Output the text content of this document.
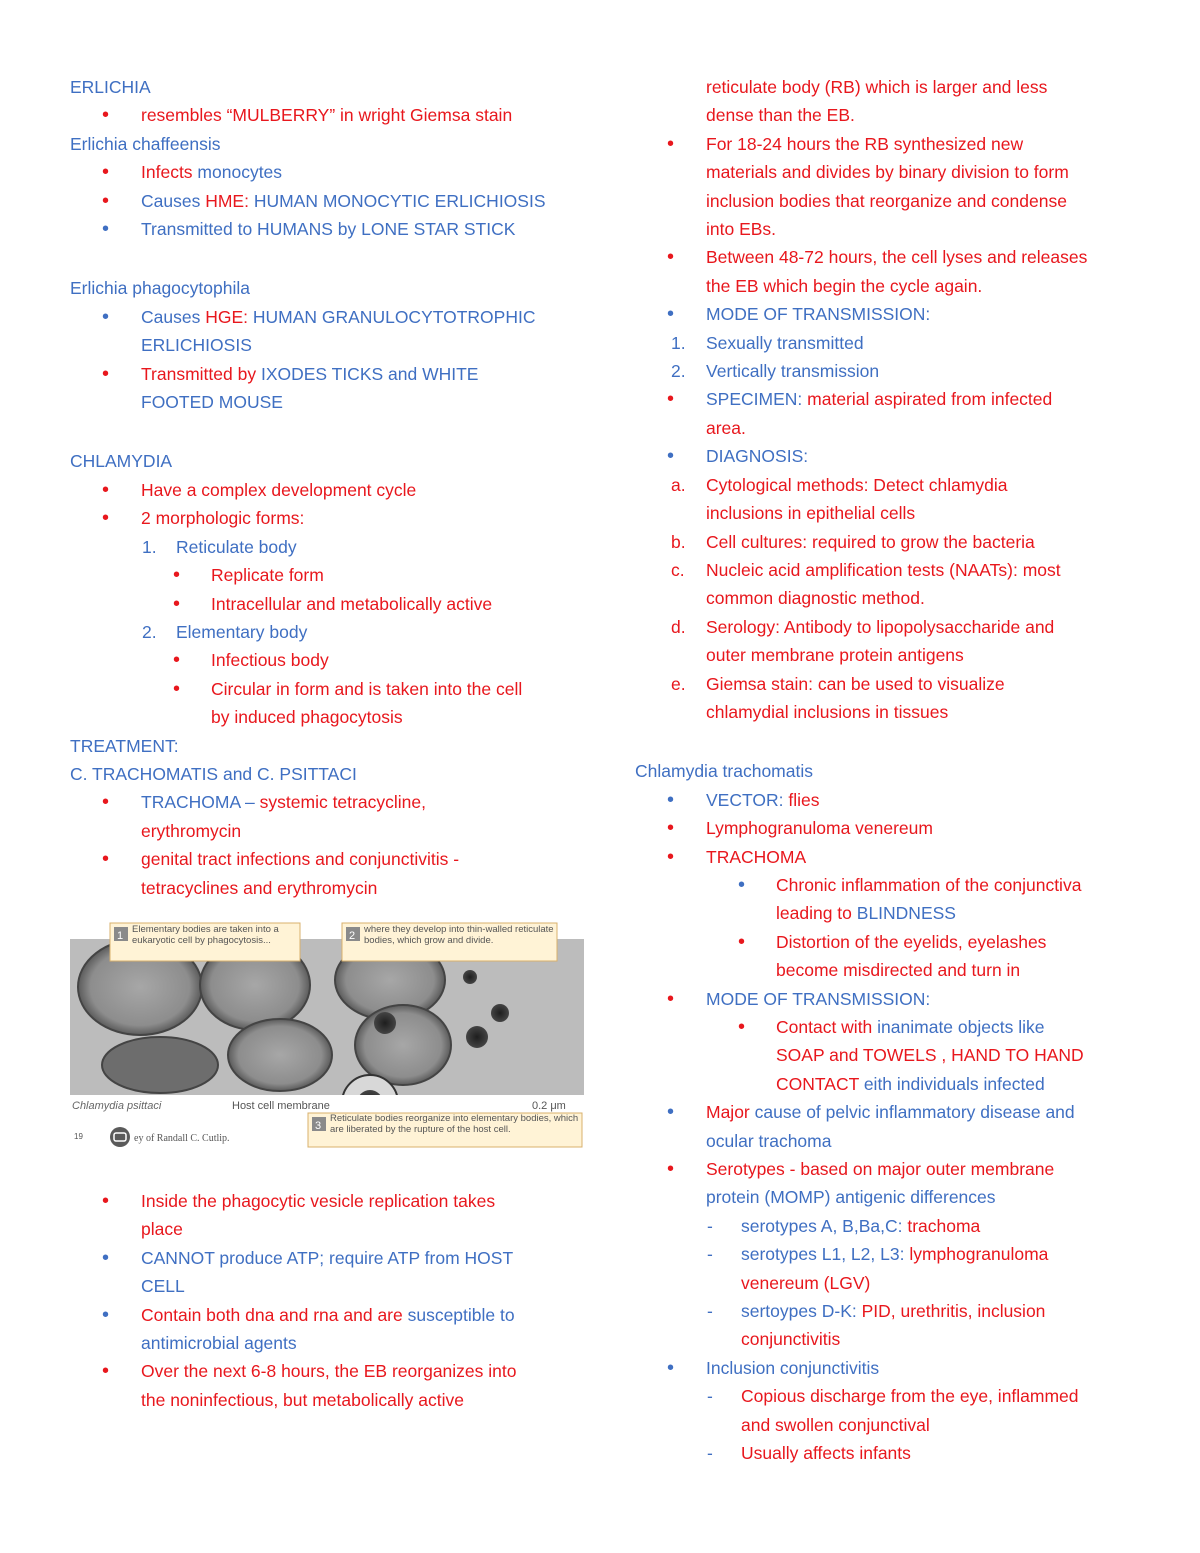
ERLICHIA
• resembles “MULBERRY” in wright Giemsa stain
Erlichia chaffeensis
• Infects monocytes
• Causes HME: HUMAN MONOCYTIC ERLICHIOSIS
• Transmitted to HUMANS by LONE STAR STICK
Erlichia phagocytophila
• Causes HGE: HUMAN GRANULOCYTOTROPHIC
ERLICHIOSIS
• Transmitted by IXODES TICKS and WHITE
FOOTED MOUSE
CHLAMYDIA
• Have a complex development cycle
• 2 morphologic forms:
1. Reticulate body
• Replicate form
• Intracellular and metabolically active
2. Elementary body
• Infectious body
• Circular in form and is taken into the cell
by induced phagocytosis
TREATMENT:
C. TRACHOMATIS and C. PSITTACI
• TRACHOMA – systemic tetracycline,
erythromycin
• genital tract infections and conjunctivitis -
tetracyclines and erythromycin
1
Elementary bodies are taken into a eukaryotic cell by phagocytosis...	2
where they develop into thin-walled reticulate bodies, which grow and divide.
Chlamydia psittaci	Host cell membrane	0.2 μm
19	ey of Randall C. Cutlip.
3
Reticulate bodies reorganize into elementary bodies, which are liberated by the rupture of the host cell.
• Inside the phagocytic vesicle replication takes
place
• CANNOT produce ATP; require ATP from HOST
CELL
• Contain both dna and rna and are susceptible to
antimicrobial agents
• Over the next 6-8 hours, the EB reorganizes into
the noninfectious, but metabolically active
reticulate body (RB) which is larger and less
dense than the EB.
• For 18-24 hours the RB synthesized new
materials and divides by binary division to form
inclusion bodies that reorganize and condense
into EBs.
• Between 48-72 hours, the cell lyses and releases
the EB which begin the cycle again.
• MODE OF TRANSMISSION:
1. Sexually transmitted
2. Vertically transmission
• SPECIMEN: material aspirated from infected
area.
• DIAGNOSIS:
a. Cytological methods: Detect chlamydia
inclusions in epithelial cells
b. Cell cultures: required to grow the bacteria
c. Nucleic acid amplification tests (NAATs): most
common diagnostic method.
d. Serology: Antibody to lipopolysaccharide and
outer membrane protein antigens
e. Giemsa stain: can be used to visualize
chlamydial inclusions in tissues
Chlamydia trachomatis
• VECTOR: flies
• Lymphogranuloma venereum
• TRACHOMA
• Chronic inflammation of the conjunctiva
leading to BLINDNESS
• Distortion of the eyelids, eyelashes
become misdirected and turn in
• MODE OF TRANSMISSION:
• Contact with inanimate objects like
SOAP and TOWELS , HAND TO HAND
CONTACT eith individuals infected
• Major cause of pelvic inflammatory disease and
ocular trachoma
• Serotypes - based on major outer membrane
protein (MOMP) antigenic differences
- serotypes A, B,Ba,C: trachoma
- serotypes L1, L2, L3: lymphogranuloma
venereum (LGV)
- sertoypes D-K: PID, urethritis, inclusion
conjunctivitis
• Inclusion conjunctivitis
- Copious discharge from the eye, inflammed
and swollen conjunctival
- Usually affects infants
